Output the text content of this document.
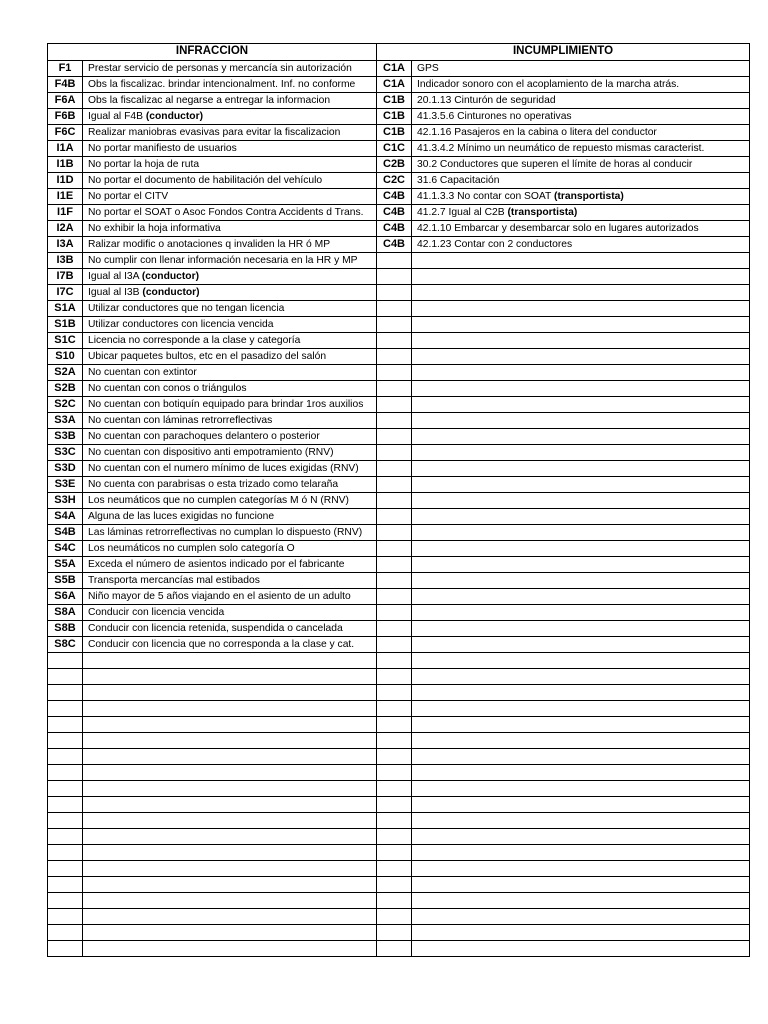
INFRACCION		INCUMPLIMIENTO	
F1	Prestar servicio de personas y mercancía sin autorización	C1A	GPS
F4B	Obs la fiscalizac. brindar intencionalment. Inf. no conforme	C1A	Indicador sonoro con el acoplamiento de la marcha atrás.
F6A	Obs la fiscalizac al negarse a entregar la informacion	C1B	20.1.13 Cinturón de seguridad
F6B	Igual al F4B (conductor)	C1B	41.3.5.6 Cinturones no operativas
F6C	Realizar maniobras evasivas para evitar la fiscalizacion	C1B	42.1.16 Pasajeros en la cabina o litera del conductor
I1A	No portar manifiesto de usuarios	C1C	41.3.4.2 Mínimo un neumático de repuesto mismas caracterist.
I1B	No portar la hoja de ruta	C2B	30.2 Conductores que superen el límite de horas al conducir
I1D	No portar el documento de habilitación del vehículo	C2C	31.6 Capacitación
I1E	No portar el CITV	C4B	41.1.3.3 No contar con SOAT (transportista)
I1F	No portar el SOAT o Asoc Fondos Contra Accidents d Trans.	C4B	41.2.7 Igual al C2B (transportista)
I2A	No exhibir la hoja informativa	C4B	42.1.10 Embarcar y desembarcar solo en lugares autorizados
I3A	Ralizar modific o anotaciones q invaliden la HR ó MP	C4B	42.1.23 Contar con 2 conductores
I3B	No cumplir con llenar información necesaria en la HR y MP		
I7B	Igual al I3A (conductor)		
I7C	Igual al I3B (conductor)		
S1A	Utilizar conductores que no tengan licencia		
S1B	Utilizar conductores con licencia vencida		
S1C	Licencia no corresponde a la clase y categoría		
S10	Ubicar paquetes bultos, etc en el pasadizo del salón		
S2A	No cuentan con extintor		
S2B	No cuentan con conos o triángulos		
S2C	No cuentan con botiquín equipado para brindar 1ros auxilios		
S3A	No cuentan con láminas retrorreflectivas		
S3B	No cuentan con parachoques delantero o posterior		
S3C	No cuentan con dispositivo anti empotramiento (RNV)		
S3D	No cuentan con el numero mínimo de luces exigidas (RNV)		
S3E	No cuenta con parabrisas o esta trizado como telaraña		
S3H	Los neumáticos que no cumplen categorías M ó N (RNV)		
S4A	Alguna de las luces exigidas no funcione		
S4B	Las láminas retrorreflectivas no cumplan lo dispuesto (RNV)		
S4C	Los neumáticos no cumplen solo categoría O		
S5A	Exceda el número de asientos indicado por el fabricante		
S5B	Transporta mercancías mal estibados		
S6A	Niño mayor de 5 años viajando en el asiento de un adulto		
S8A	Conducir con licencia vencida		
S8B	Conducir con licencia retenida, suspendida o cancelada		
S8C	Conducir con licencia que no corresponda a la clase y cat.		
